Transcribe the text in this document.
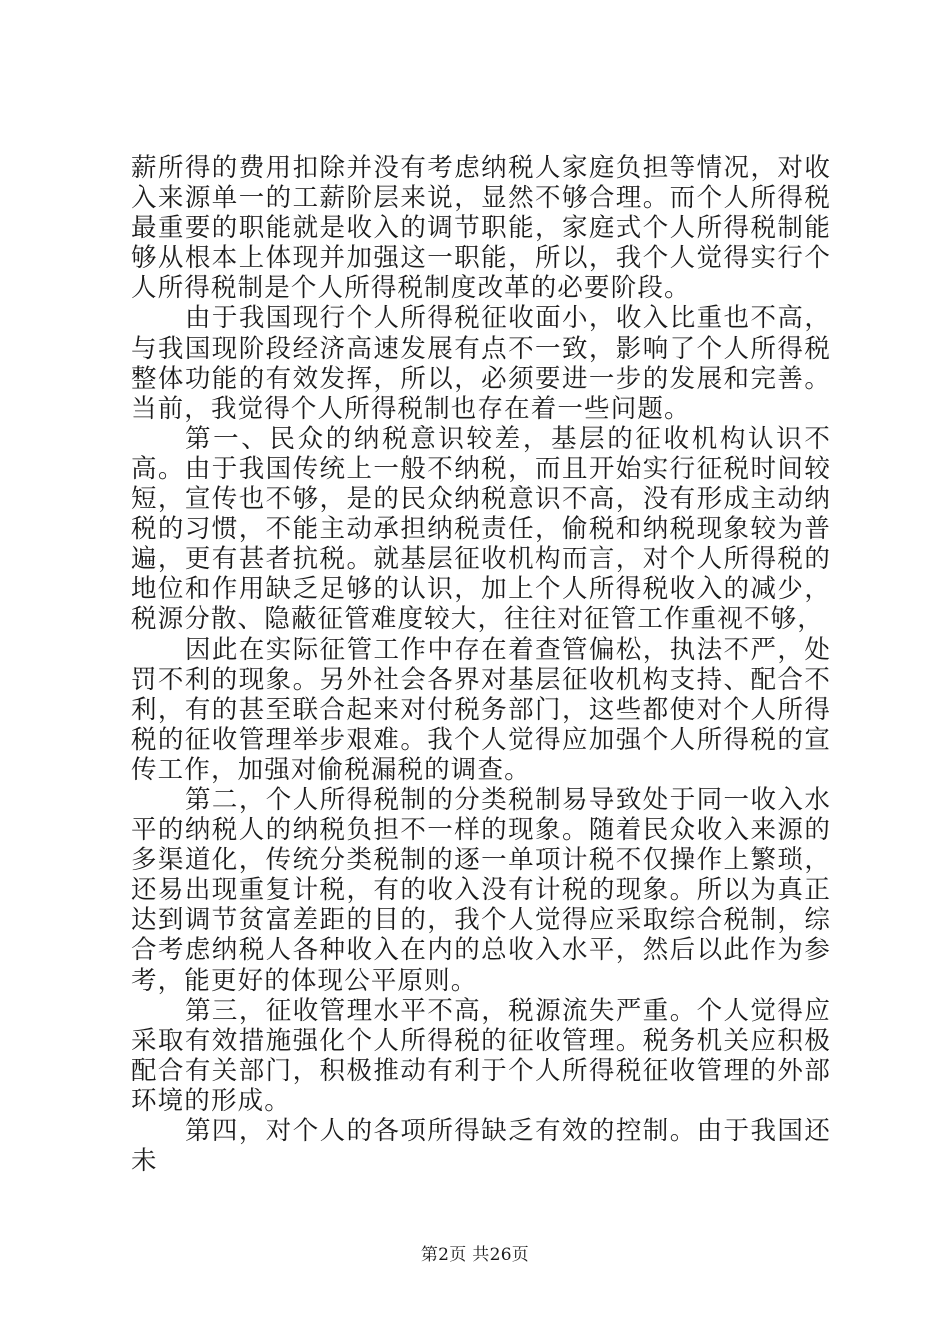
薪所得的费用扣除并没有考虑纳税人家庭负担等情况，对收入来源单一的工薪阶层来说，显然不够合理。而个人所得税最重要的职能就是收入的调节职能，家庭式个人所得税制能够从根本上体现并加强这一职能，所以，我个人觉得实行个人所得税制是个人所得税制度改革的必要阶段。

由于我国现行个人所得税征收面小，收入比重也不高，与我国现阶段经济高速发展有点不一致，影响了个人所得税整体功能的有效发挥，所以，必须要进一步的发展和完善。当前，我觉得个人所得税制也存在着一些问题。

第一、民众的纳税意识较差，基层的征收机构认识不高。由于我国传统上一般不纳税，而且开始实行征税时间较短，宣传也不够，是的民众纳税意识不高，没有形成主动纳税的习惯，不能主动承担纳税责任，偷税和纳税现象较为普遍，更有甚者抗税。就基层征收机构而言，对个人所得税的地位和作用缺乏足够的认识，加上个人所得税收入的减少，税源分散、隐蔽征管难度较大，往往对征管工作重视不够，

因此在实际征管工作中存在着查管偏松，执法不严，处罚不利的现象。另外社会各界对基层征收机构支持、配合不利，有的甚至联合起来对付税务部门，这些都使对个人所得税的征收管理举步艰难。我个人觉得应加强个人所得税的宣传工作，加强对偷税漏税的调查。

第二，个人所得税制的分类税制易导致处于同一收入水平的纳税人的纳税负担不一样的现象。随着民众收入来源的多渠道化，传统分类税制的逐一单项计税不仅操作上繁琐，还易出现重复计税，有的收入没有计税的现象。所以为真正达到调节贫富差距的目的，我个人觉得应采取综合税制，综合考虑纳税人各种收入在内的总收入水平，然后以此作为参考，能更好的体现公平原则。

第三，征收管理水平不高，税源流失严重。个人觉得应采取有效措施强化个人所得税的征收管理。税务机关应积极配合有关部门，积极推动有利于个人所得税征收管理的外部环境的形成。

第四，对个人的各项所得缺乏有效的控制。由于我国还未

第2页 共26页
